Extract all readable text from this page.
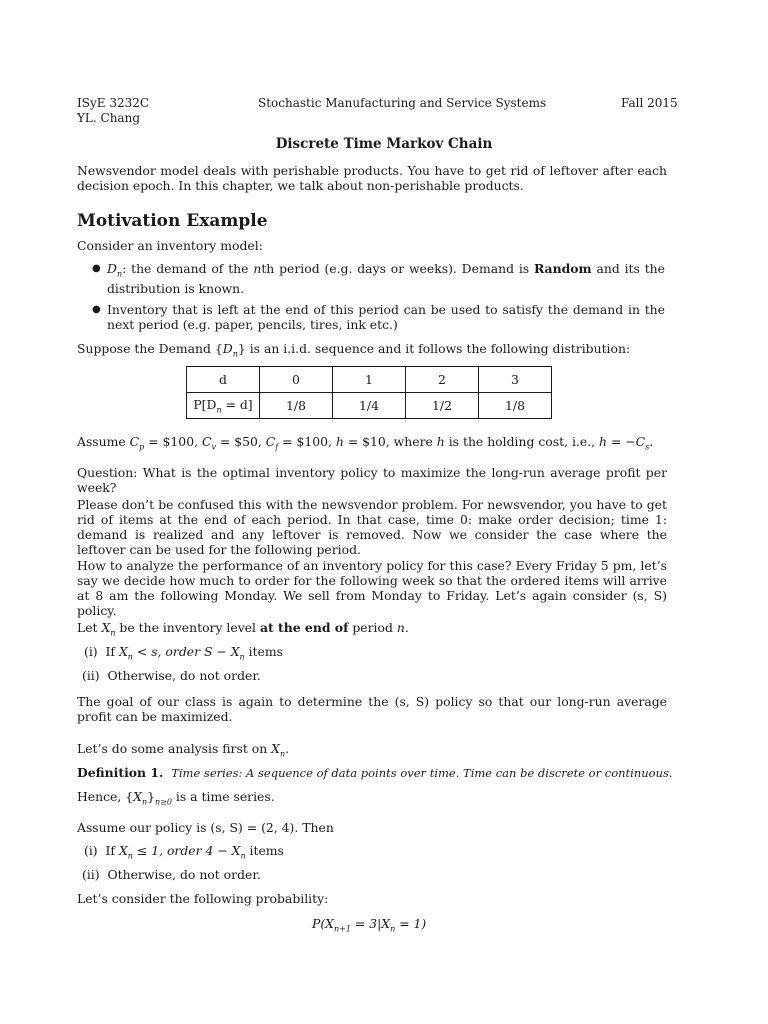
ISyE 3232C
YL. Chang
Stochastic Manufacturing and Service Systems	Fall 2015
Discrete Time Markov Chain
Newsvendor model deals with perishable products. You have to get rid of leftover after each decision epoch. In this chapter, we talk about non-perishable products.
Motivation Example
Consider an inventory model:
● $D_n$: the demand of the nth period (e.g. days or weeks). Demand is Random and its the distribution is known.
● Inventory that is left at the end of this period can be used to satisfy the demand in the next period (e.g. paper, pencils, tires, ink etc.)
Suppose the Demand $\{D_n\}$ is an i.i.d. sequence and it follows the following distribution:
d	0	1	2	3
$P[D_n = d]$	1/8	1/4	1/2	1/8
Assume $C_p$ = $100, $C_v$ = $50, $C_f$ = $100, h = $10, where h is the holding cost, i.e., $h = -C_s$.
Question: What is the optimal inventory policy to maximize the long-run average profit per week?
Please don’t be confused this with the newsvendor problem. For newsvendor, you have to get rid of items at the end of each period. In that case, time 0: make order decision; time 1: demand is realized and any leftover is removed. Now we consider the case where the leftover can be used for the following period.
How to analyze the performance of an inventory policy for this case? Every Friday 5 pm, let’s say we decide how much to order for the following week so that the ordered items will arrive at 8 am the following Monday. We sell from Monday to Friday. Let’s again consider (s, S) policy.
Let $X_n$ be the inventory level at the end of period n.
(i) If $X_n < s$, order $S - X_n$ items
(ii) Otherwise, do not order.
The goal of our class is again to determine the (s, S) policy so that our long-run average profit can be maximized.
Let’s do some analysis first on $X_n$.
Definition 1. Time series: A sequence of data points over time. Time can be discrete or continuous.
Hence, $\{X_n\}_{n\ge 0}$ is a time series.
Assume our policy is (s, S) = (2, 4). Then
(i) If $X_n \le 1$, order $4 - X_n$ items
(ii) Otherwise, do not order.
Let’s consider the following probability:
$P(X_{n+1} = 3|X_n = 1)$
